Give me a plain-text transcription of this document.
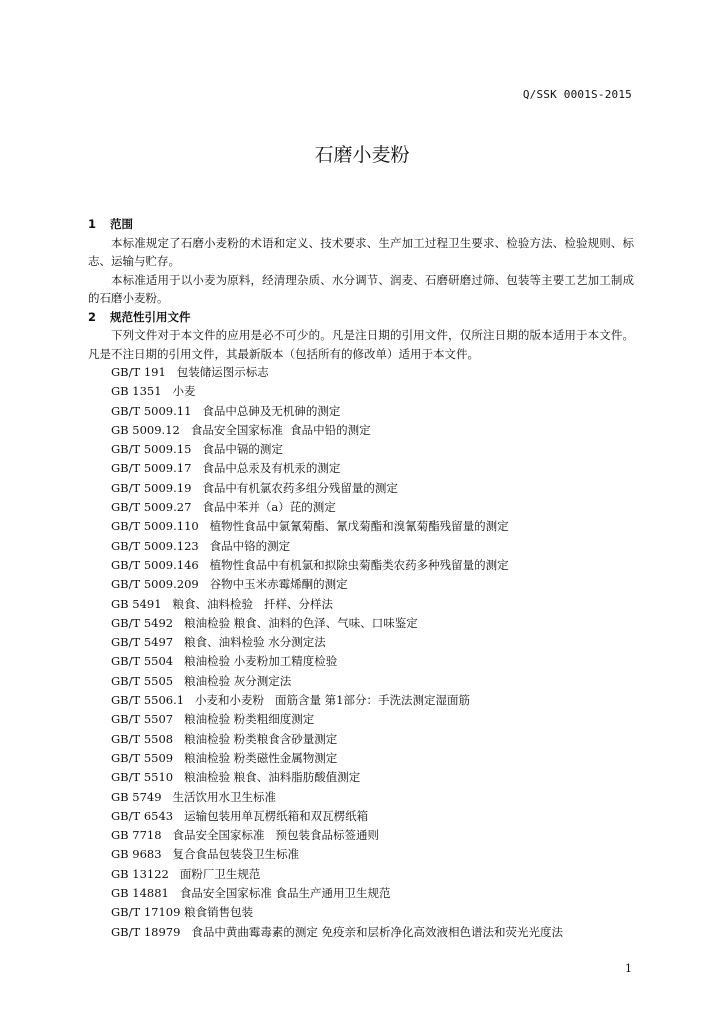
Q/SSK 0001S-2015
石磨小麦粉

1 范围

本标准规定了石磨小麦粉的术语和定义、技术要求、生产加工过程卫生要求、检验方法、检验规则、标志、运输与贮存。

本标准适用于以小麦为原料，经清理杂质、水分调节、润麦、石磨研磨过筛、包装等主要工艺加工制成的石磨小麦粉。

2 规范性引用文件

下列文件对于本文件的应用是必不可少的。凡是注日期的引用文件，仅所注日期的版本适用于本文件。凡是不注日期的引用文件，其最新版本（包括所有的修改单）适用于本文件。

GB/T 191   包装储运图示标志

GB 1351   小麦

GB/T 5009.11   食品中总砷及无机砷的测定

GB 5009.12   食品安全国家标准  食品中铅的测定

GB/T 5009.15   食品中镉的测定

GB/T 5009.17   食品中总汞及有机汞的测定

GB/T 5009.19   食品中有机氯农药多组分残留量的测定

GB/T 5009.27   食品中苯并（a）芘的测定

GB/T 5009.110   植物性食品中氯氰菊酯、氰戊菊酯和溴氰菊酯残留量的测定

GB/T 5009.123   食品中铬的测定

GB/T 5009.146   植物性食品中有机氯和拟除虫菊酯类农药多种残留量的测定

GB/T 5009.209   谷物中玉米赤霉烯酮的测定

GB 5491   粮食、油料检验   扦样、分样法

GB/T 5492   粮油检验 粮食、油料的色泽、气味、口味鉴定

GB/T 5497   粮食、油料检验 水分测定法

GB/T 5504   粮油检验 小麦粉加工精度检验

GB/T 5505   粮油检验 灰分测定法

GB/T 5506.1   小麦和小麦粉   面筋含量 第1部分：手洗法测定湿面筋

GB/T 5507   粮油检验 粉类粗细度测定

GB/T 5508   粮油检验 粉类粮食含砂量测定

GB/T 5509   粮油检验 粉类磁性金属物测定

GB/T 5510   粮油检验 粮食、油料脂肪酸值测定

GB 5749   生活饮用水卫生标准

GB/T 6543   运输包装用单瓦楞纸箱和双瓦楞纸箱

GB 7718   食品安全国家标准   预包装食品标签通则

GB 9683   复合食品包装袋卫生标准

GB 13122   面粉厂卫生规范

GB 14881   食品安全国家标准 食品生产通用卫生规范

GB/T 17109 粮食销售包装

GB/T 18979   食品中黄曲霉毒素的测定 免疫亲和层析净化高效液相色谱法和荧光光度法

1
